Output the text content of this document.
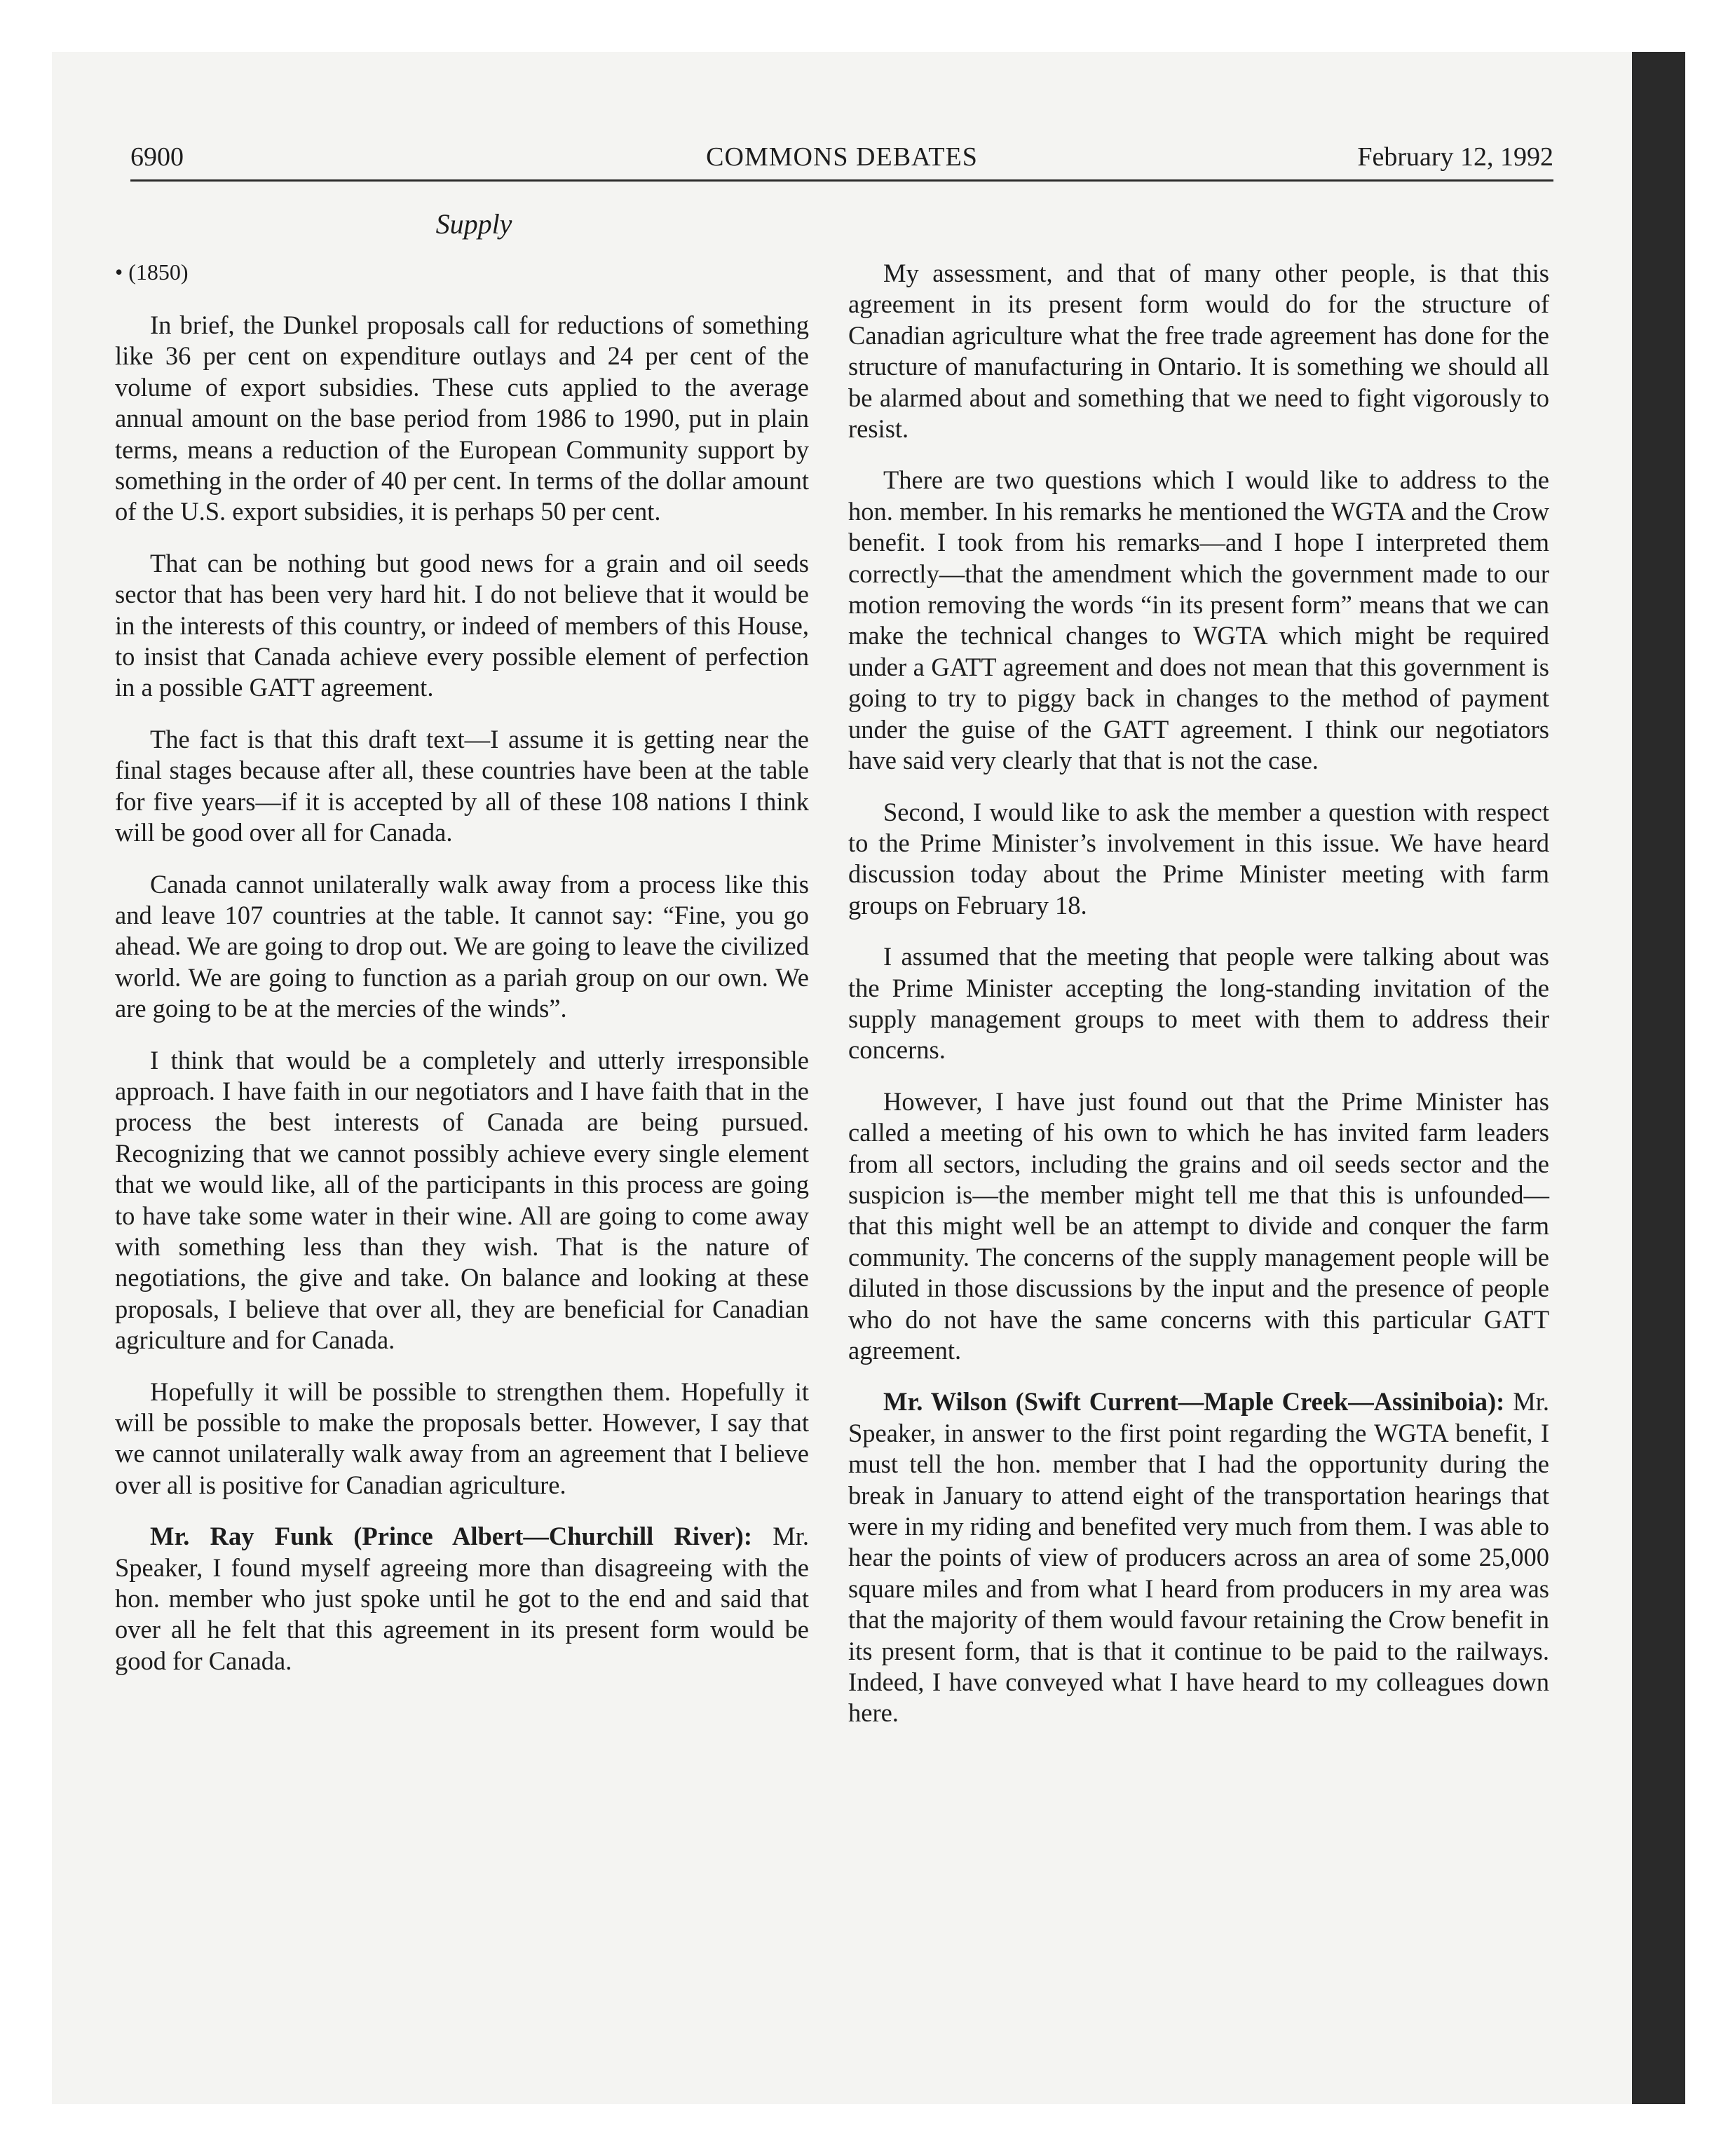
6900	COMMONS DEBATES	February 12, 1992
Supply

• (1850)

In brief, the Dunkel proposals call for reductions of something like 36 per cent on expenditure outlays and 24 per cent of the volume of export subsidies. These cuts applied to the average annual amount on the base period from 1986 to 1990, put in plain terms, means a reduction of the European Community support by something in the order of 40 per cent. In terms of the dollar amount of the U.S. export subsidies, it is perhaps 50 per cent.

That can be nothing but good news for a grain and oil seeds sector that has been very hard hit. I do not believe that it would be in the interests of this country, or indeed of members of this House, to insist that Canada achieve every possible element of perfection in a possible GATT agreement.

The fact is that this draft text—I assume it is getting near the final stages because after all, these countries have been at the table for five years—if it is accepted by all of these 108 nations I think will be good over all for Canada.

Canada cannot unilaterally walk away from a process like this and leave 107 countries at the table. It cannot say: “Fine, you go ahead. We are going to drop out. We are going to leave the civilized world. We are going to function as a pariah group on our own. We are going to be at the mercies of the winds”.

I think that would be a completely and utterly irresponsible approach. I have faith in our negotiators and I have faith that in the process the best interests of Canada are being pursued. Recognizing that we cannot possibly achieve every single element that we would like, all of the participants in this process are going to have take some water in their wine. All are going to come away with something less than they wish. That is the nature of negotiations, the give and take. On balance and looking at these proposals, I believe that over all, they are beneficial for Canadian agriculture and for Canada.

Hopefully it will be possible to strengthen them. Hopefully it will be possible to make the proposals better. However, I say that we cannot unilaterally walk away from an agreement that I believe over all is positive for Canadian agriculture.

Mr. Ray Funk (Prince Albert—Churchill River): Mr. Speaker, I found myself agreeing more than disagreeing with the hon. member who just spoke until he got to the end and said that over all he felt that this agreement in its present form would be good for Canada.

My assessment, and that of many other people, is that this agreement in its present form would do for the structure of Canadian agriculture what the free trade agreement has done for the structure of manufacturing in Ontario. It is something we should all be alarmed about and something that we need to fight vigorously to resist.

There are two questions which I would like to address to the hon. member. In his remarks he mentioned the WGTA and the Crow benefit. I took from his remarks—and I hope I interpreted them correctly—that the amendment which the government made to our motion removing the words “in its present form” means that we can make the technical changes to WGTA which might be required under a GATT agreement and does not mean that this government is going to try to piggy back in changes to the method of payment under the guise of the GATT agreement. I think our negotiators have said very clearly that that is not the case.

Second, I would like to ask the member a question with respect to the Prime Minister’s involvement in this issue. We have heard discussion today about the Prime Minister meeting with farm groups on February 18.

I assumed that the meeting that people were talking about was the Prime Minister accepting the long-standing invitation of the supply management groups to meet with them to address their concerns.

However, I have just found out that the Prime Minister has called a meeting of his own to which he has invited farm leaders from all sectors, including the grains and oil seeds sector and the suspicion is—the member might tell me that this is unfounded—that this might well be an attempt to divide and conquer the farm community. The concerns of the supply management people will be diluted in those discussions by the input and the presence of people who do not have the same concerns with this particular GATT agreement.

Mr. Wilson (Swift Current—Maple Creek—Assiniboia): Mr. Speaker, in answer to the first point regarding the WGTA benefit, I must tell the hon. member that I had the opportunity during the break in January to attend eight of the transportation hearings that were in my riding and benefited very much from them. I was able to hear the points of view of producers across an area of some 25,000 square miles and from what I heard from producers in my area was that the majority of them would favour retaining the Crow benefit in its present form, that is that it continue to be paid to the railways. Indeed, I have conveyed what I have heard to my colleagues down here.
